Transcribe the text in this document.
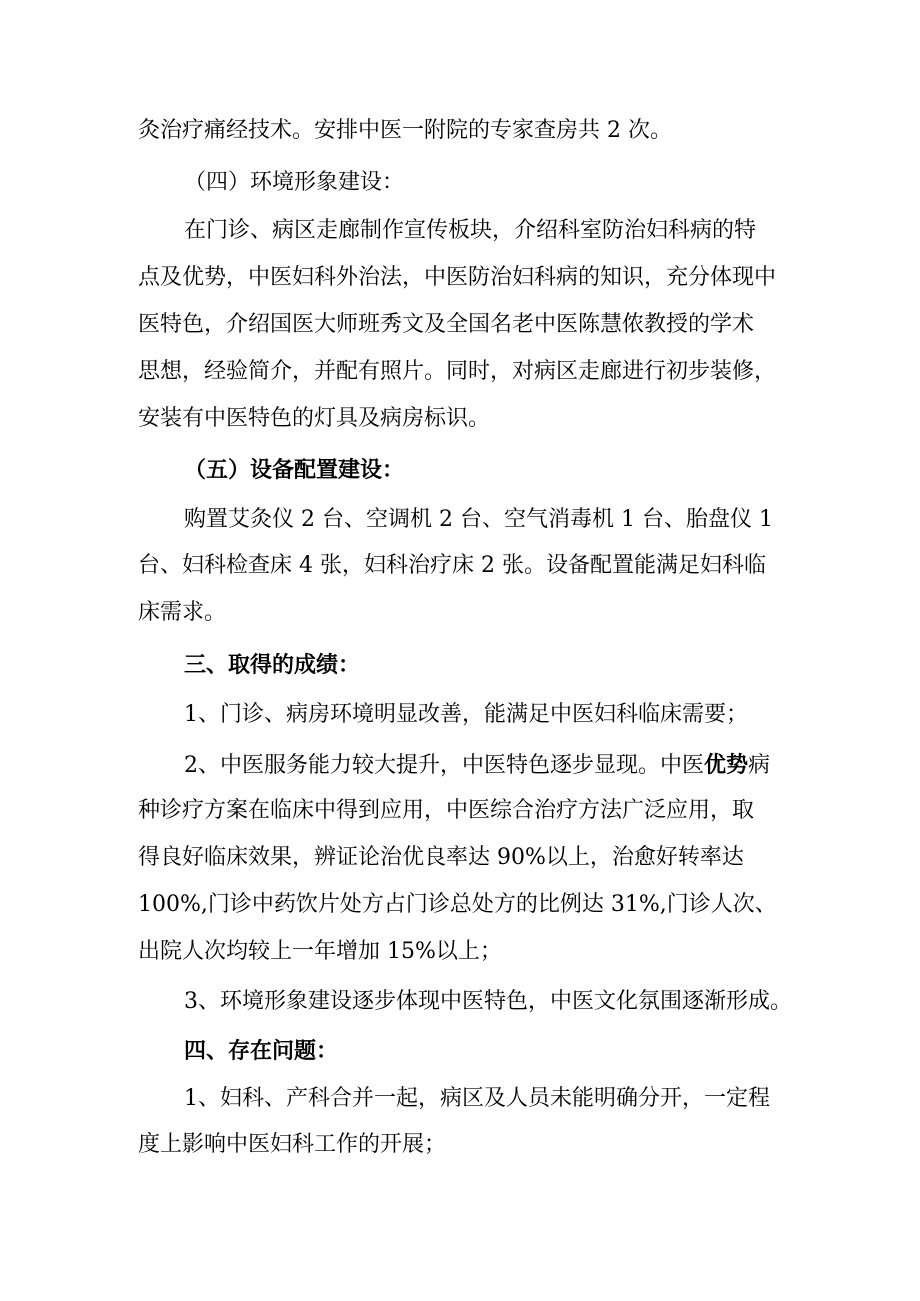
灸治疗痛经技术。安排中医一附院的专家查房共 2 次。
（四）环境形象建设：
在门诊、病区走廊制作宣传板块，介绍科室防治妇科病的特
点及优势，中医妇科外治法，中医防治妇科病的知识，充分体现中
医特色，介绍国医大师班秀文及全国名老中医陈慧侬教授的学术
思想，经验简介，并配有照片。同时，对病区走廊进行初步装修，
安装有中医特色的灯具及病房标识。
（五）设备配置建设：
购置艾灸仪 2 台、空调机 2 台、空气消毒机 1 台、胎盘仪 1
台、妇科检查床 4 张，妇科治疗床 2 张。设备配置能满足妇科临
床需求。
三、取得的成绩：
1、门诊、病房环境明显改善，能满足中医妇科临床需要；
2、中医服务能力较大提升，中医特色逐步显现。中医优势病
种诊疗方案在临床中得到应用，中医综合治疗方法广泛应用，取
得良好临床效果，辨证论治优良率达 90%以上，治愈好转率达
100%,门诊中药饮片处方占门诊总处方的比例达 31%,门诊人次、
出院人次均较上一年增加 15%以上；
3、环境形象建设逐步体现中医特色，中医文化氛围逐渐形成。
四、存在问题：
1、妇科、产科合并一起，病区及人员未能明确分开，一定程
度上影响中医妇科工作的开展；
